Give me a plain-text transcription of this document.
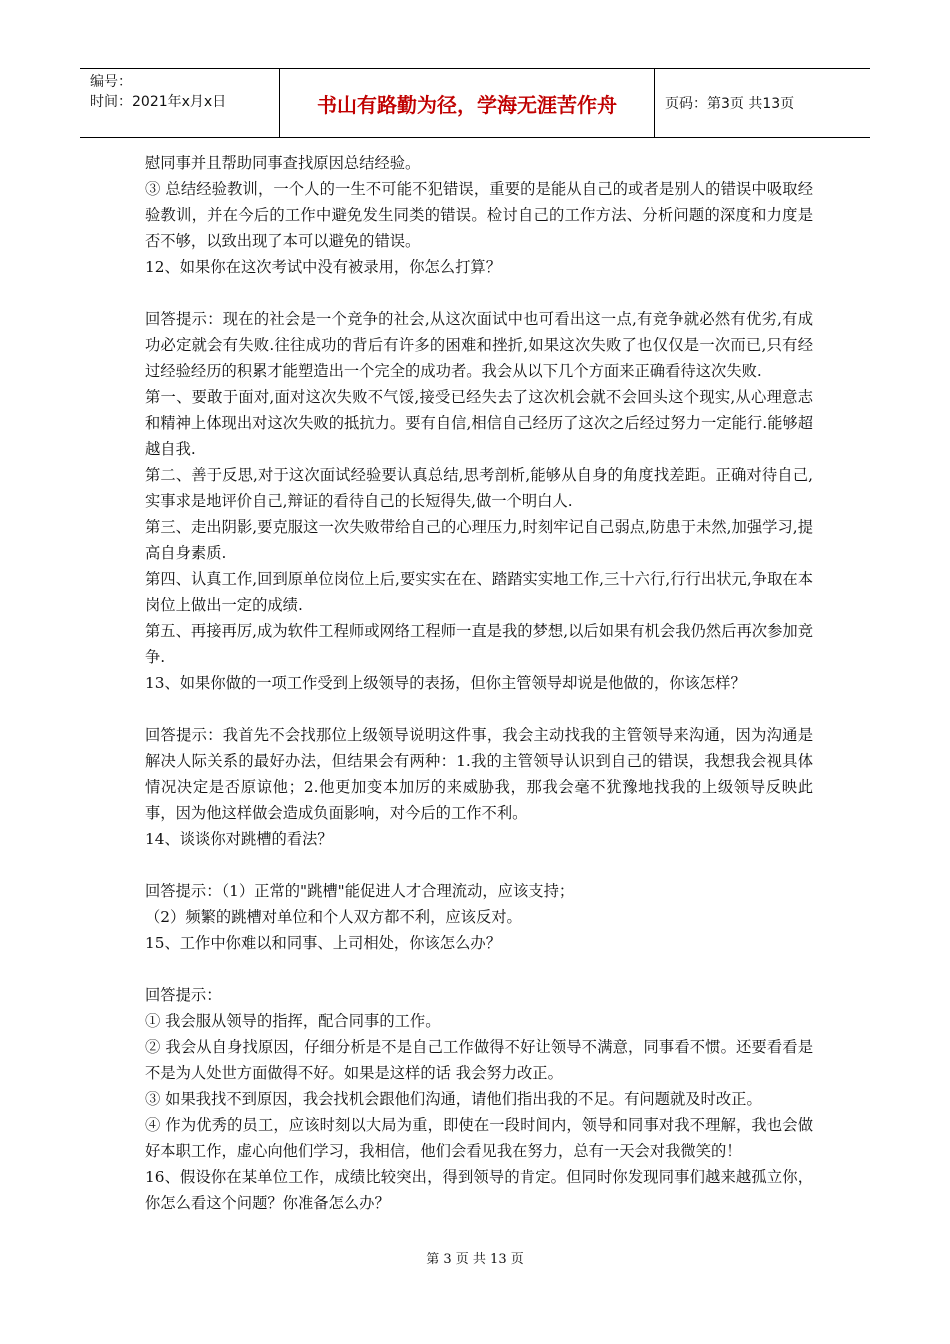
编号：
时间：2021年x月x日	书山有路勤为径，学海无涯苦作舟	页码：第3页 共13页

慰同事并且帮助同事查找原因总结经验。

③ 总结经验教训，一个人的一生不可能不犯错误，重要的是能从自己的或者是别人的错误中吸取经验教训，并在今后的工作中避免发生同类的错误。检讨自己的工作方法、分析问题的深度和力度是否不够，以致出现了本可以避免的错误。

12、如果你在这次考试中没有被录用，你怎么打算？

回答提示：现在的社会是一个竞争的社会,从这次面试中也可看出这一点,有竞争就必然有优劣,有成功必定就会有失败.往往成功的背后有许多的困难和挫折,如果这次失败了也仅仅是一次而已,只有经过经验经历的积累才能塑造出一个完全的成功者。我会从以下几个方面来正确看待这次失败.

第一、要敢于面对,面对这次失败不气馁,接受已经失去了这次机会就不会回头这个现实,从心理意志和精神上体现出对这次失败的抵抗力。要有自信,相信自己经历了这次之后经过努力一定能行.能够超越自我.

第二、善于反思,对于这次面试经验要认真总结,思考剖析,能够从自身的角度找差距。正确对待自己,实事求是地评价自己,辩证的看待自己的长短得失,做一个明白人.

第三、走出阴影,要克服这一次失败带给自己的心理压力,时刻牢记自己弱点,防患于未然,加强学习,提高自身素质.

第四、认真工作,回到原单位岗位上后,要实实在在、踏踏实实地工作,三十六行,行行出状元,争取在本岗位上做出一定的成绩.

第五、再接再厉,成为软件工程师或网络工程师一直是我的梦想,以后如果有机会我仍然后再次参加竞争.

13、如果你做的一项工作受到上级领导的表扬，但你主管领导却说是他做的，你该怎样？

回答提示：我首先不会找那位上级领导说明这件事，我会主动找我的主管领导来沟通，因为沟通是解决人际关系的最好办法，但结果会有两种：1.我的主管领导认识到自己的错误，我想我会视具体情况决定是否原谅他；2.他更加变本加厉的来威胁我，那我会毫不犹豫地找我的上级领导反映此事，因为他这样做会造成负面影响，对今后的工作不利。

14、谈谈你对跳槽的看法？

回答提示：（1）正常的"跳槽"能促进人才合理流动，应该支持；

（2）频繁的跳槽对单位和个人双方都不利，应该反对。

15、工作中你难以和同事、上司相处，你该怎么办？

回答提示：

① 我会服从领导的指挥，配合同事的工作。

② 我会从自身找原因，仔细分析是不是自己工作做得不好让领导不满意，同事看不惯。还要看看是不是为人处世方面做得不好。如果是这样的话 我会努力改正。

③ 如果我找不到原因，我会找机会跟他们沟通，请他们指出我的不足。有问题就及时改正。

④ 作为优秀的员工，应该时刻以大局为重，即使在一段时间内，领导和同事对我不理解，我也会做好本职工作，虚心向他们学习，我相信，他们会看见我在努力，总有一天会对我微笑的！

16、假设你在某单位工作，成绩比较突出，得到领导的肯定。但同时你发现同事们越来越孤立你，你怎么看这个问题？你准备怎么办？

第 3 页 共 13 页
